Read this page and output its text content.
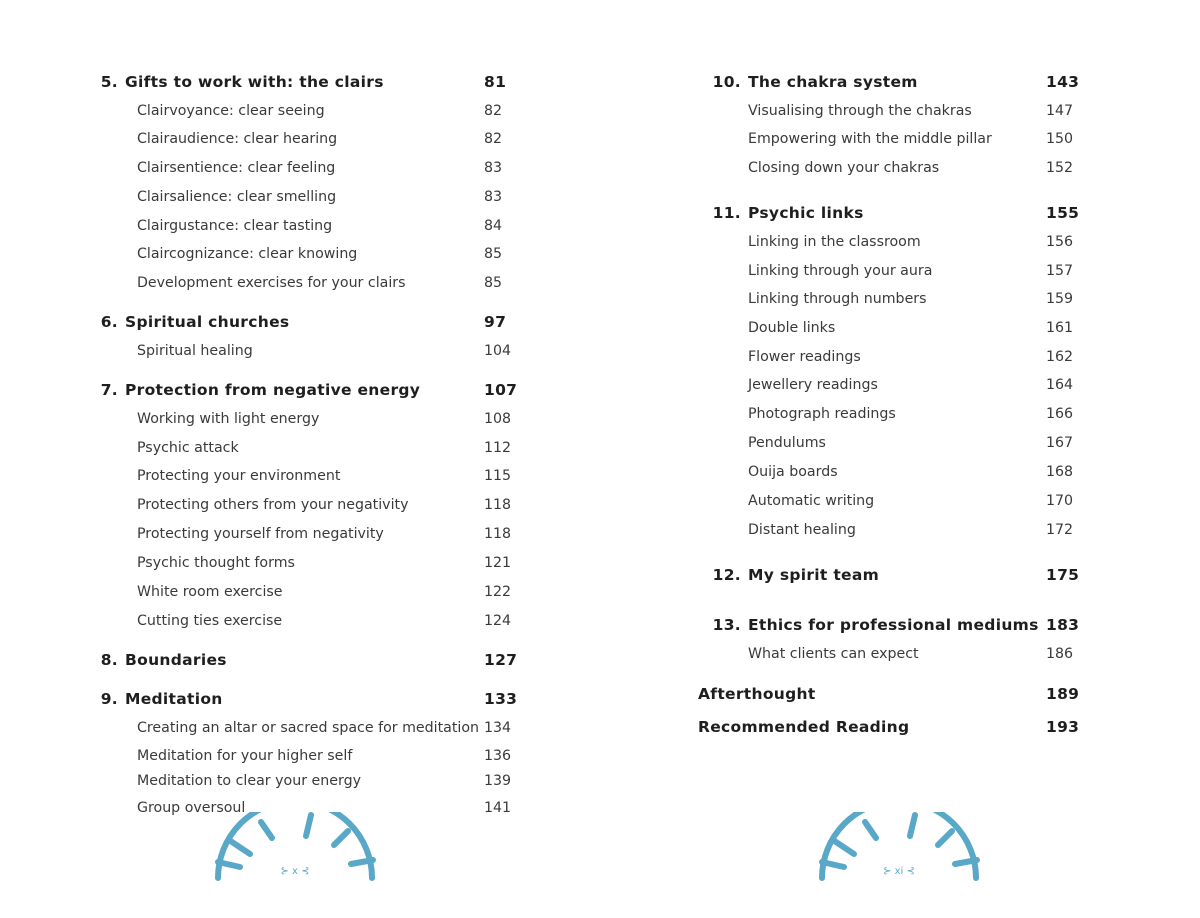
5. Gifts to work with: the clairs	81
Clairvoyance: clear seeing	82
Clairaudience: clear hearing	82
Clairsentience: clear feeling	83
Clairsalience: clear smelling	83
Clairgustance: clear tasting	84
Claircognizance: clear knowing	85
Development exercises for your clairs	85
6. Spiritual churches	97
Spiritual healing	104
7. Protection from negative energy	107
Working with light energy	108
Psychic attack	112
Protecting your environment	115
Protecting others from your negativity	118
Protecting yourself from negativity	118
Psychic thought forms	121
White room exercise	122
Cutting ties exercise	124
8. Boundaries	127
9. Meditation	133
Creating an altar or sacred space for meditation 134
Meditation for your higher self	136
Meditation to clear your energy	139
Group oversoul	141
⊱ x ⊰
10. The chakra system	143
Visualising through the chakras	147
Empowering with the middle pillar	150
Closing down your chakras	152
11. Psychic links	155
Linking in the classroom	156
Linking through your aura	157
Linking through numbers	159
Double links	161
Flower readings	162
Jewellery readings	164
Photograph readings	166
Pendulums	167
Ouija boards	168
Automatic writing	170
Distant healing	172
12. My spirit team	175
13. Ethics for professional mediums 183
What clients can expect	186
Afterthought	189
Recommended Reading	193
⊱ xi ⊰
